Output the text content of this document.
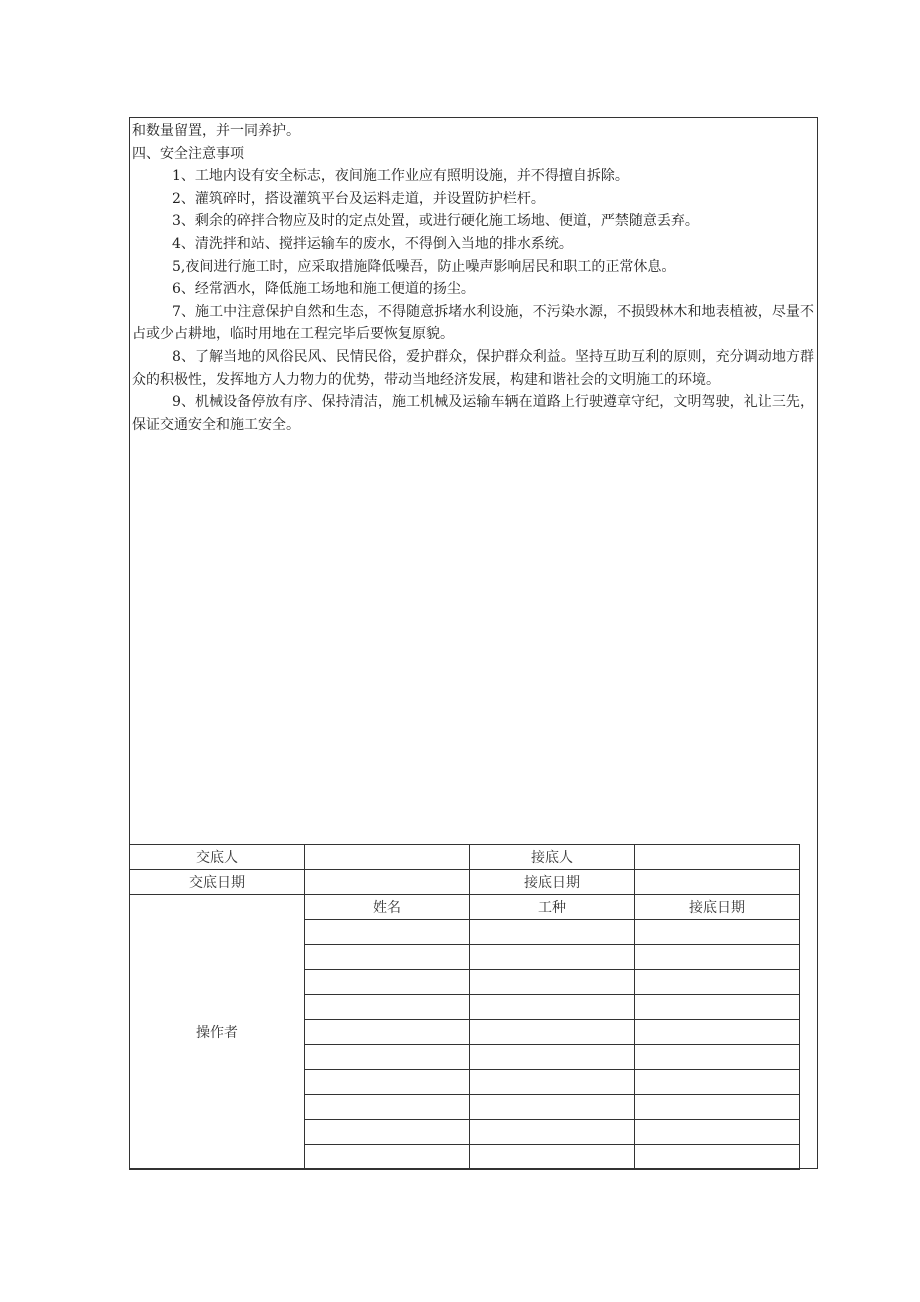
和数量留置，并一同养护。

四、安全注意事项

1、工地内设有安全标志，夜间施工作业应有照明设施，并不得擅自拆除。

2、灌筑碎时，搭设灌筑平台及运料走道，并设置防护栏杆。

3、剩余的碎拌合物应及时的定点处置，或进行硬化施工场地、便道，严禁随意丢弃。

4、清洗拌和站、搅拌运输车的废水，不得倒入当地的排水系统。

5,夜间进行施工时，应采取措施降低噪吾，防止噪声影响居民和职工的正常休息。

6、经常洒水，降低施工场地和施工便道的扬尘。

7、施工中注意保护自然和生态，不得随意拆堵水利设施，不污染水源，不损毁林木和地表植被，尽量不占或少占耕地，临时用地在工程完毕后要恢复原貌。

8、了解当地的风俗民风、民情民俗，爱护群众，保护群众利益。坚持互助互利的原则，充分调动地方群众的积极性，发挥地方人力物力的优势，带动当地经济发展，构建和谐社会的文明施工的环境。

9、机械设备停放有序、保持清洁，施工机械及运输车辆在道路上行驶遵章守纪，文明驾驶，礼让三先，保证交通安全和施工安全。

交底人		接底人	
交底日期		接底日期	
操作者	姓名	工种	接底日期
